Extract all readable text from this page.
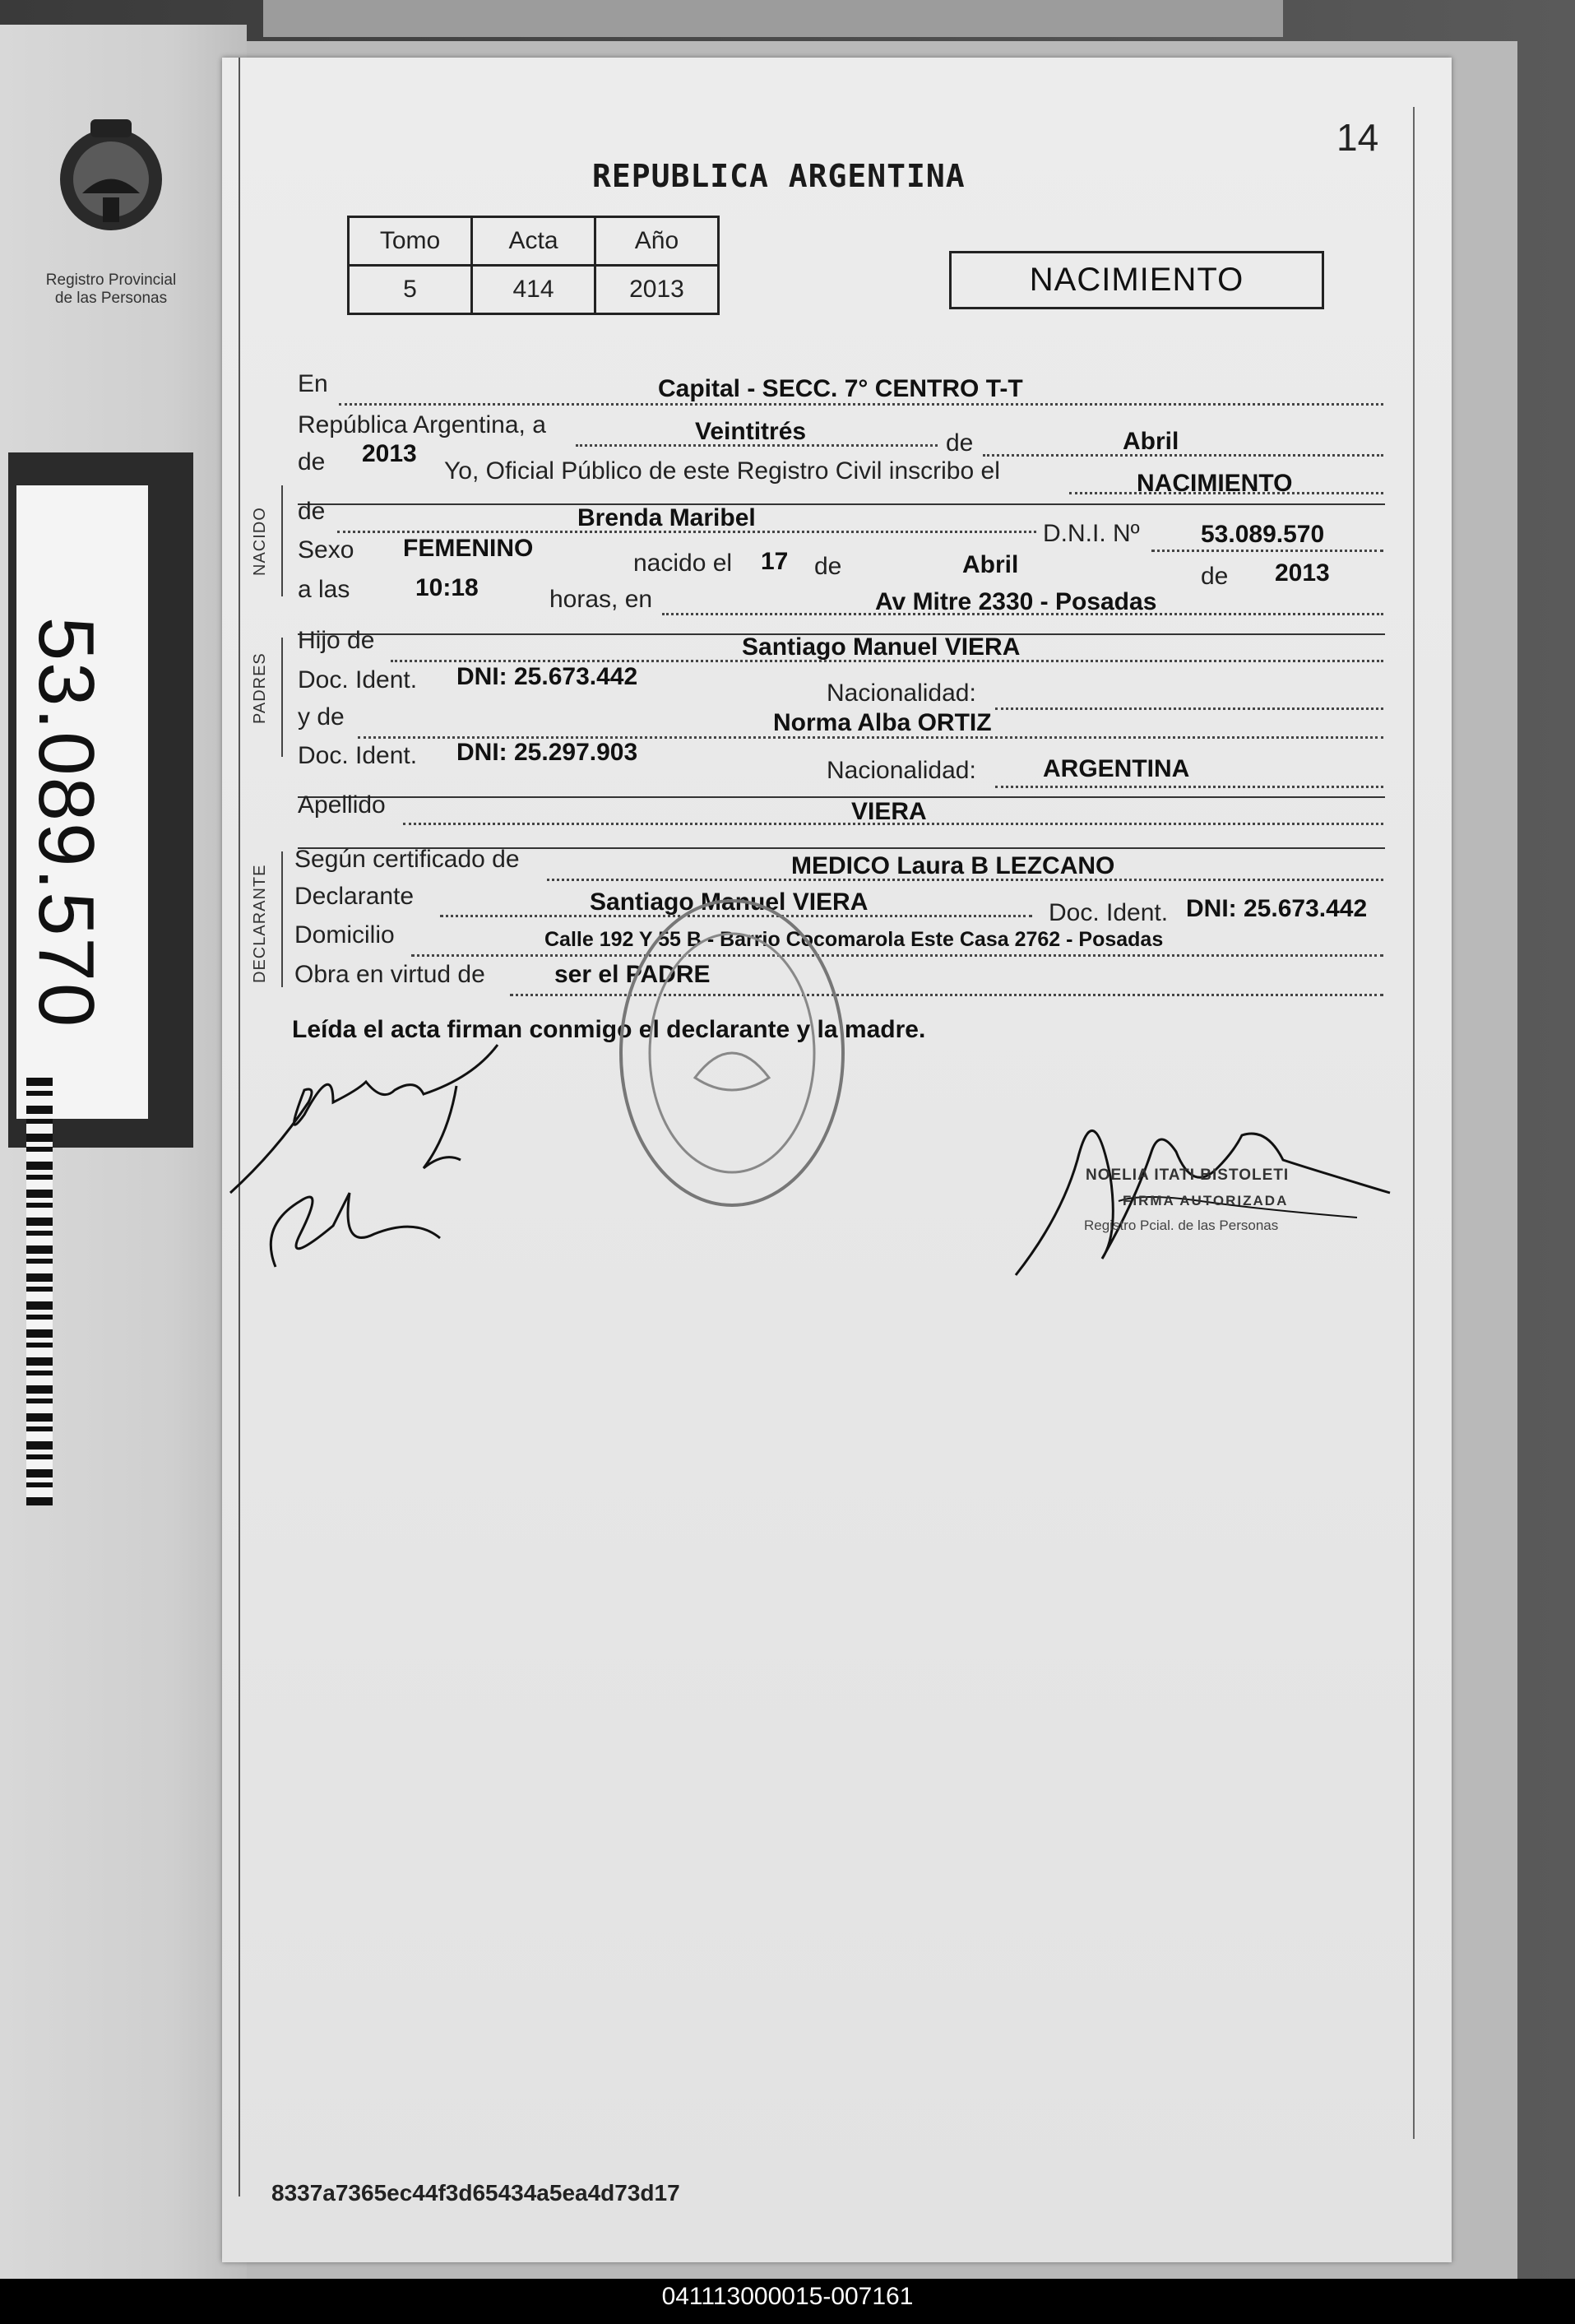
Registro Provincial
de las Personas
53.089.570
14
REPUBLICA ARGENTINA
Tomo	Acta	Año
5	414	2013	NACIMIENTO
En	Capital - SECC. 7° CENTRO T-T
República Argentina, a	Veintitrés	de	Abril
de 2013
Yo, Oficial Público de este Registro Civil inscribo el	NACIMIENTO
NACIDO de	Brenda Maribel
D.N.I. Nº 53.089.570
Sexo FEMENINO
nacido el 17 de	Abril	de 2013
a las	10:18	horas, en	Av Mitre 2330 - Posadas
PADRES
Hijo de	Santiago Manuel VIERA
Doc. Ident. DNI: 25.673.442
Nacionalidad:
y de	Norma Alba ORTIZ
Doc. Ident. DNI: 25.297.903
Nacionalidad:	ARGENTINA
Apellido	VIERA
DECLARANTE
Según certificado de	MEDICO Laura B LEZCANO
Declarante	Santiago Manuel VIERA	Doc. Ident. DNI: 25.673.442
Domicilio	Calle 192 Y 55 B - Barrio Cocomarola Este Casa 2762 - Posadas
Obra en virtud de	ser el PADRE
Leída el acta firman conmigo el declarante y la madre.
NOELIA ITATI BISTOLETI
FIRMA AUTORIZADA
Registro Pcial. de las Personas
8337a7365ec44f3d65434a5ea4d73d17
041113000015-007161
